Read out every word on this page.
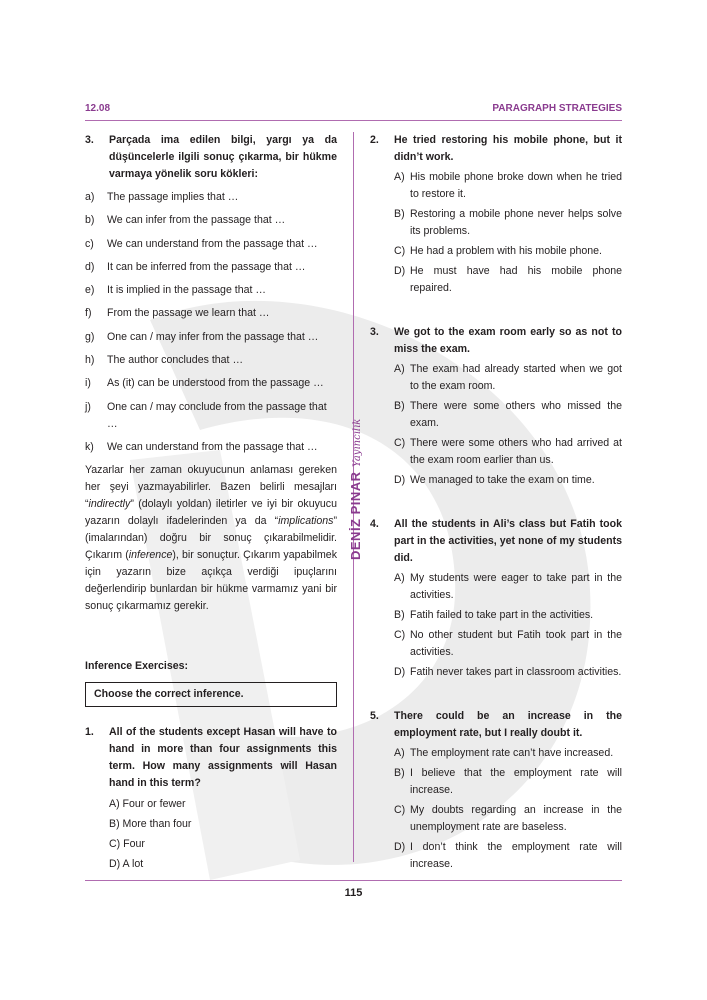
12.08	PARAGRAPH STRATEGIES
DENİZ PINAR Yayıncılık
3.	Parçada ima edilen bilgi, yargı ya da düşüncelerle ilgili sonuç çıkarma, bir hükme varmaya yönelik soru kökleri:
a)	The passage implies that …
b)	We can infer from the passage that …
c)	We can understand from the passage that …
d)	It can be inferred from the passage that …
e)	It is implied in the passage that …
f)	From the passage we learn that …
g)	One can / may infer from the passage that …
h)	The author concludes that …
i)	As (it) can be understood from the passage …
j)	One can / may conclude from the passage that …
k)	We can understand from the passage that …
Yazarlar her zaman okuyucunun anlaması gereken her şeyi yazmayabilirler. Bazen belirli mesajları “indirectly” (dolaylı yoldan) iletirler ve iyi bir okuyucu yazarın dolaylı ifadelerinden ya da “implications” (imalarından) doğru bir sonuç çıkarabilmelidir. Çıkarım (inference), bir sonuçtur. Çıkarım yapabilmek için yazarın bize açıkça verdiği ipuçlarını değerlendirip bunlardan bir hükme varmamız yani bir sonuç çıkarmamız gerekir.
Inference Exercises:
Choose the correct inference.
1.	All of the students except Hasan will have to hand in more than four assignments this term. How many assignments will Hasan hand in this term?
A) Four or fewer
B) More than four
C) Four
D) A lot
2.	He tried restoring his mobile phone, but it didn’t work.
A) His mobile phone broke down when he tried to restore it.
B) Restoring a mobile phone never helps solve its problems.
C) He had a problem with his mobile phone.
D) He must have had his mobile phone repaired.
3.	We got to the exam room early so as not to miss the exam.
A) The exam had already started when we got to the exam room.
B) There were some others who missed the exam.
C) There were some others who had arrived at the exam room earlier than us.
D) We managed to take the exam on time.
4.	All the students in Ali’s class but Fatih took part in the activities, yet none of my students did.
A) My students were eager to take part in the activities.
B) Fatih failed to take part in the activities.
C) No other student but Fatih took part in the activities.
D) Fatih never takes part in classroom activities.
5.	There could be an increase in the employment rate, but I really doubt it.
A) The employment rate can’t have increased.
B) I believe that the employment rate will increase.
C) My doubts regarding an increase in the unemployment rate are baseless.
D) I don’t think the employment rate will increase.
115
